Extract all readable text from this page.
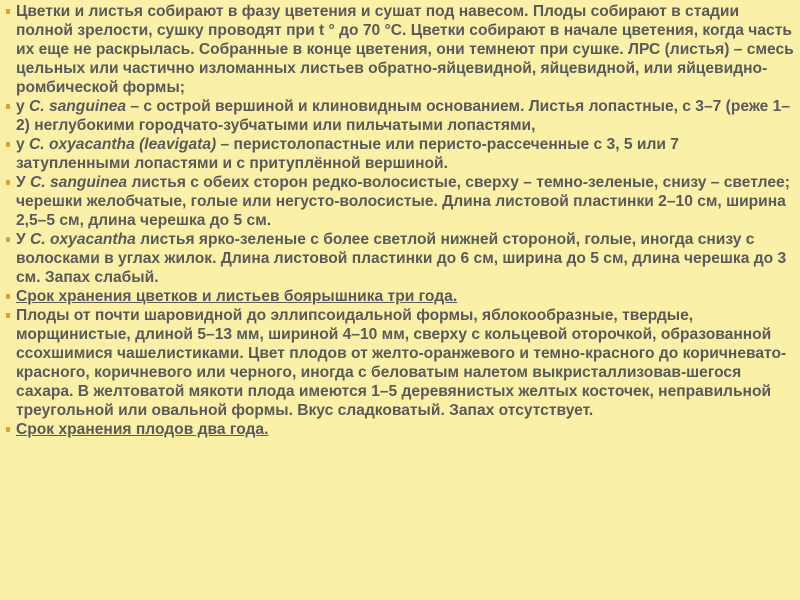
Цветки и листья собирают в фазу цветения и сушат под навесом. Плоды собирают в стадии полной зрелости, сушку проводят при t ° до 70 °С. Цветки собирают в начале цветения, когда часть их еще не раскрылась. Собранные в конце цветения, они темнеют при сушке. ЛРС (листья) – смесь цельных или частично изломанных листьев обратно-яйцевидной, яйцевидной, или яйцевидно-ромбической формы;

у C. sanguinea – с острой вершиной и клиновидным основанием. Листья лопастные, с 3–7 (реже 1–2) неглубокими городчато-зубчатыми или пильчатыми лопастями,

у C. oxyacantha (leavigata) – перистолопастные или перисто-рассеченные с 3, 5 или 7 затупленными лопастями и с притуплённой вершиной.

У C. sanguinea листья с обеих сторон редко-волосистые, сверху – темно-зеленые, снизу – светлее; черешки желобчатые, голые или негусто-волосистые. Длина листовой пластинки 2–10 см, ширина 2,5–5 см, длина черешка до 5 см.

У C. oxyacantha листья ярко-зеленые с более светлой нижней стороной, голые, иногда снизу с волосками в углах жилок. Длина листовой пластинки до 6 см, ширина до 5 см, длина черешка до 3 см. Запах слабый.

Срок хранения цветков и листьев боярышника три года.

Плоды от почти шаровидной до эллипсоидальной формы, яблокообразные, твердые, морщинистые, длиной 5–13 мм, шириной 4–10 мм, сверху с кольцевой оторочкой, образованной ссохшимися чашелистиками. Цвет плодов от желто-оранжевого и темно-красного до коричневато-красного, коричневого или черного, иногда с беловатым налетом выкристаллизовав-шегося сахара. В желтоватой мякоти плода имеются 1–5 деревянистых желтых косточек, неправильной треугольной или овальной формы. Вкус сладковатый. Запах отсутствует.

Срок хранения плодов два года.
